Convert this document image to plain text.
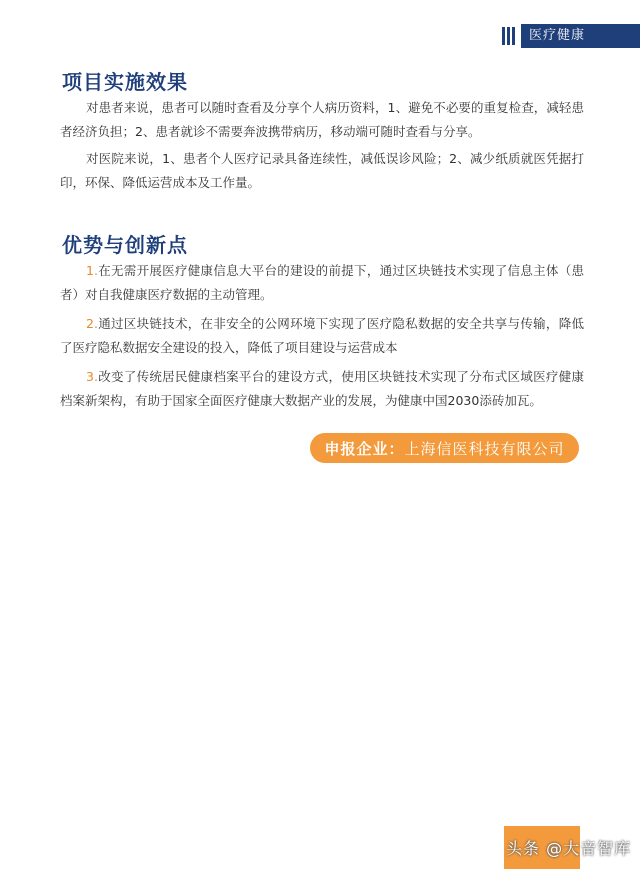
医疗健康
项目实施效果

对患者来说，患者可以随时查看及分享个人病历资料，1、避免不必要的重复检查，减轻患者经济负担；2、患者就诊不需要奔波携带病历，移动端可随时查看与分享。

对医院来说，1、患者个人医疗记录具备连续性，减低误诊风险；2、减少纸质就医凭据打印，环保、降低运营成本及工作量。

优势与创新点

1.在无需开展医疗健康信息大平台的建设的前提下，通过区块链技术实现了信息主体（患者）对自我健康医疗数据的主动管理。

2.通过区块链技术，在非安全的公网环境下实现了医疗隐私数据的安全共享与传输，降低了医疗隐私数据安全建设的投入，降低了项目建设与运营成本

3.改变了传统居民健康档案平台的建设方式，使用区块链技术实现了分布式区域医疗健康档案新架构，有助于国家全面医疗健康大数据产业的发展，为健康中国2030添砖加瓦。

申报企业： 上海信医科技有限公司
头条 @大音智库
